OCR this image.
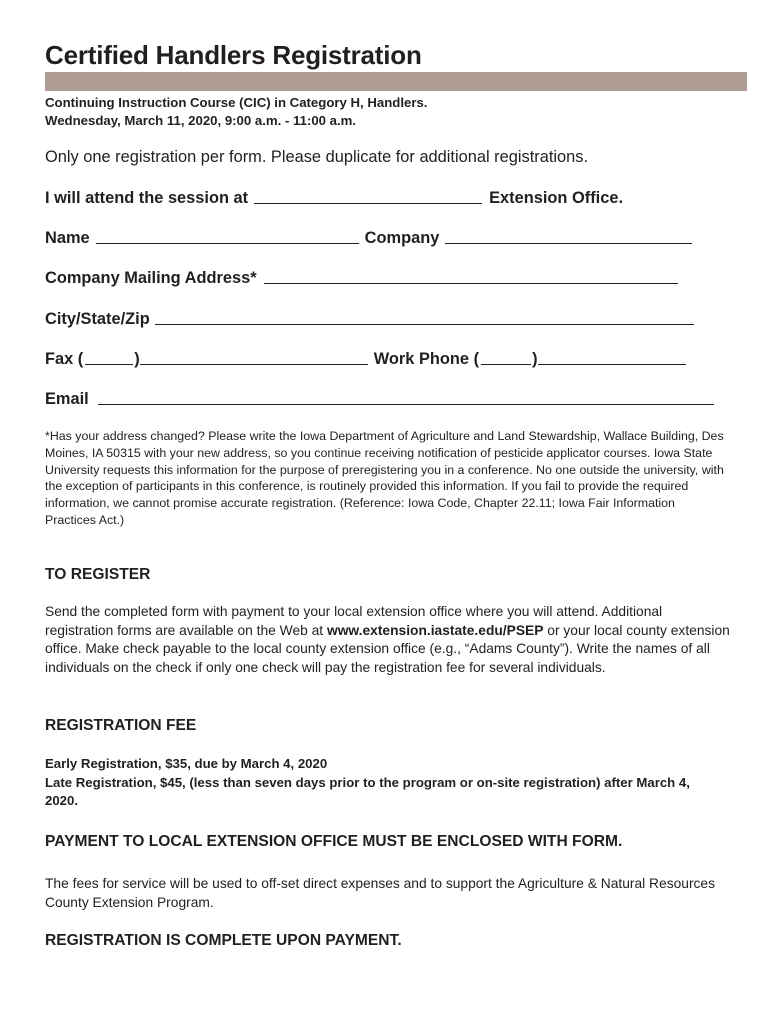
Certified Handlers Registration
Continuing Instruction Course (CIC) in Category H, Handlers.
Wednesday, March 11, 2020, 9:00 a.m. - 11:00 a.m.
Only one registration per form. Please duplicate for additional registrations.
I will attend the session at	Extension Office.
Name	Company
Company Mailing Address*
City/State/Zip
Fax (	)	Work Phone (	)
Email
*Has your address changed? Please write the Iowa Department of Agriculture and Land Stewardship, Wallace Building, Des Moines, IA 50315 with your new address, so you continue receiving notification of pesticide applicator courses. Iowa State University requests this information for the purpose of preregistering you in a conference. No one outside the university, with the exception of participants in this conference, is routinely provided this information. If you fail to provide the required information, we cannot promise accurate registration. (Reference: Iowa Code, Chapter 22.11; Iowa Fair Information Practices Act.)
TO REGISTER
Send the completed form with payment to your local extension office where you will attend. Additional registration forms are available on the Web at www.extension.iastate.edu/PSEP or your local county extension office. Make check payable to the local county extension office (e.g., “Adams County”). Write the names of all individuals on the check if only one check will pay the registration fee for several individuals.
REGISTRATION FEE
Early Registration, $35, due by March 4, 2020
Late Registration, $45, (less than seven days prior to the program or on-site registration) after March 4, 2020.
PAYMENT TO LOCAL EXTENSION OFFICE MUST BE ENCLOSED WITH FORM.
The fees for service will be used to off-set direct expenses and to support the Agriculture & Natural Resources County Extension Program.
REGISTRATION IS COMPLETE UPON PAYMENT.
